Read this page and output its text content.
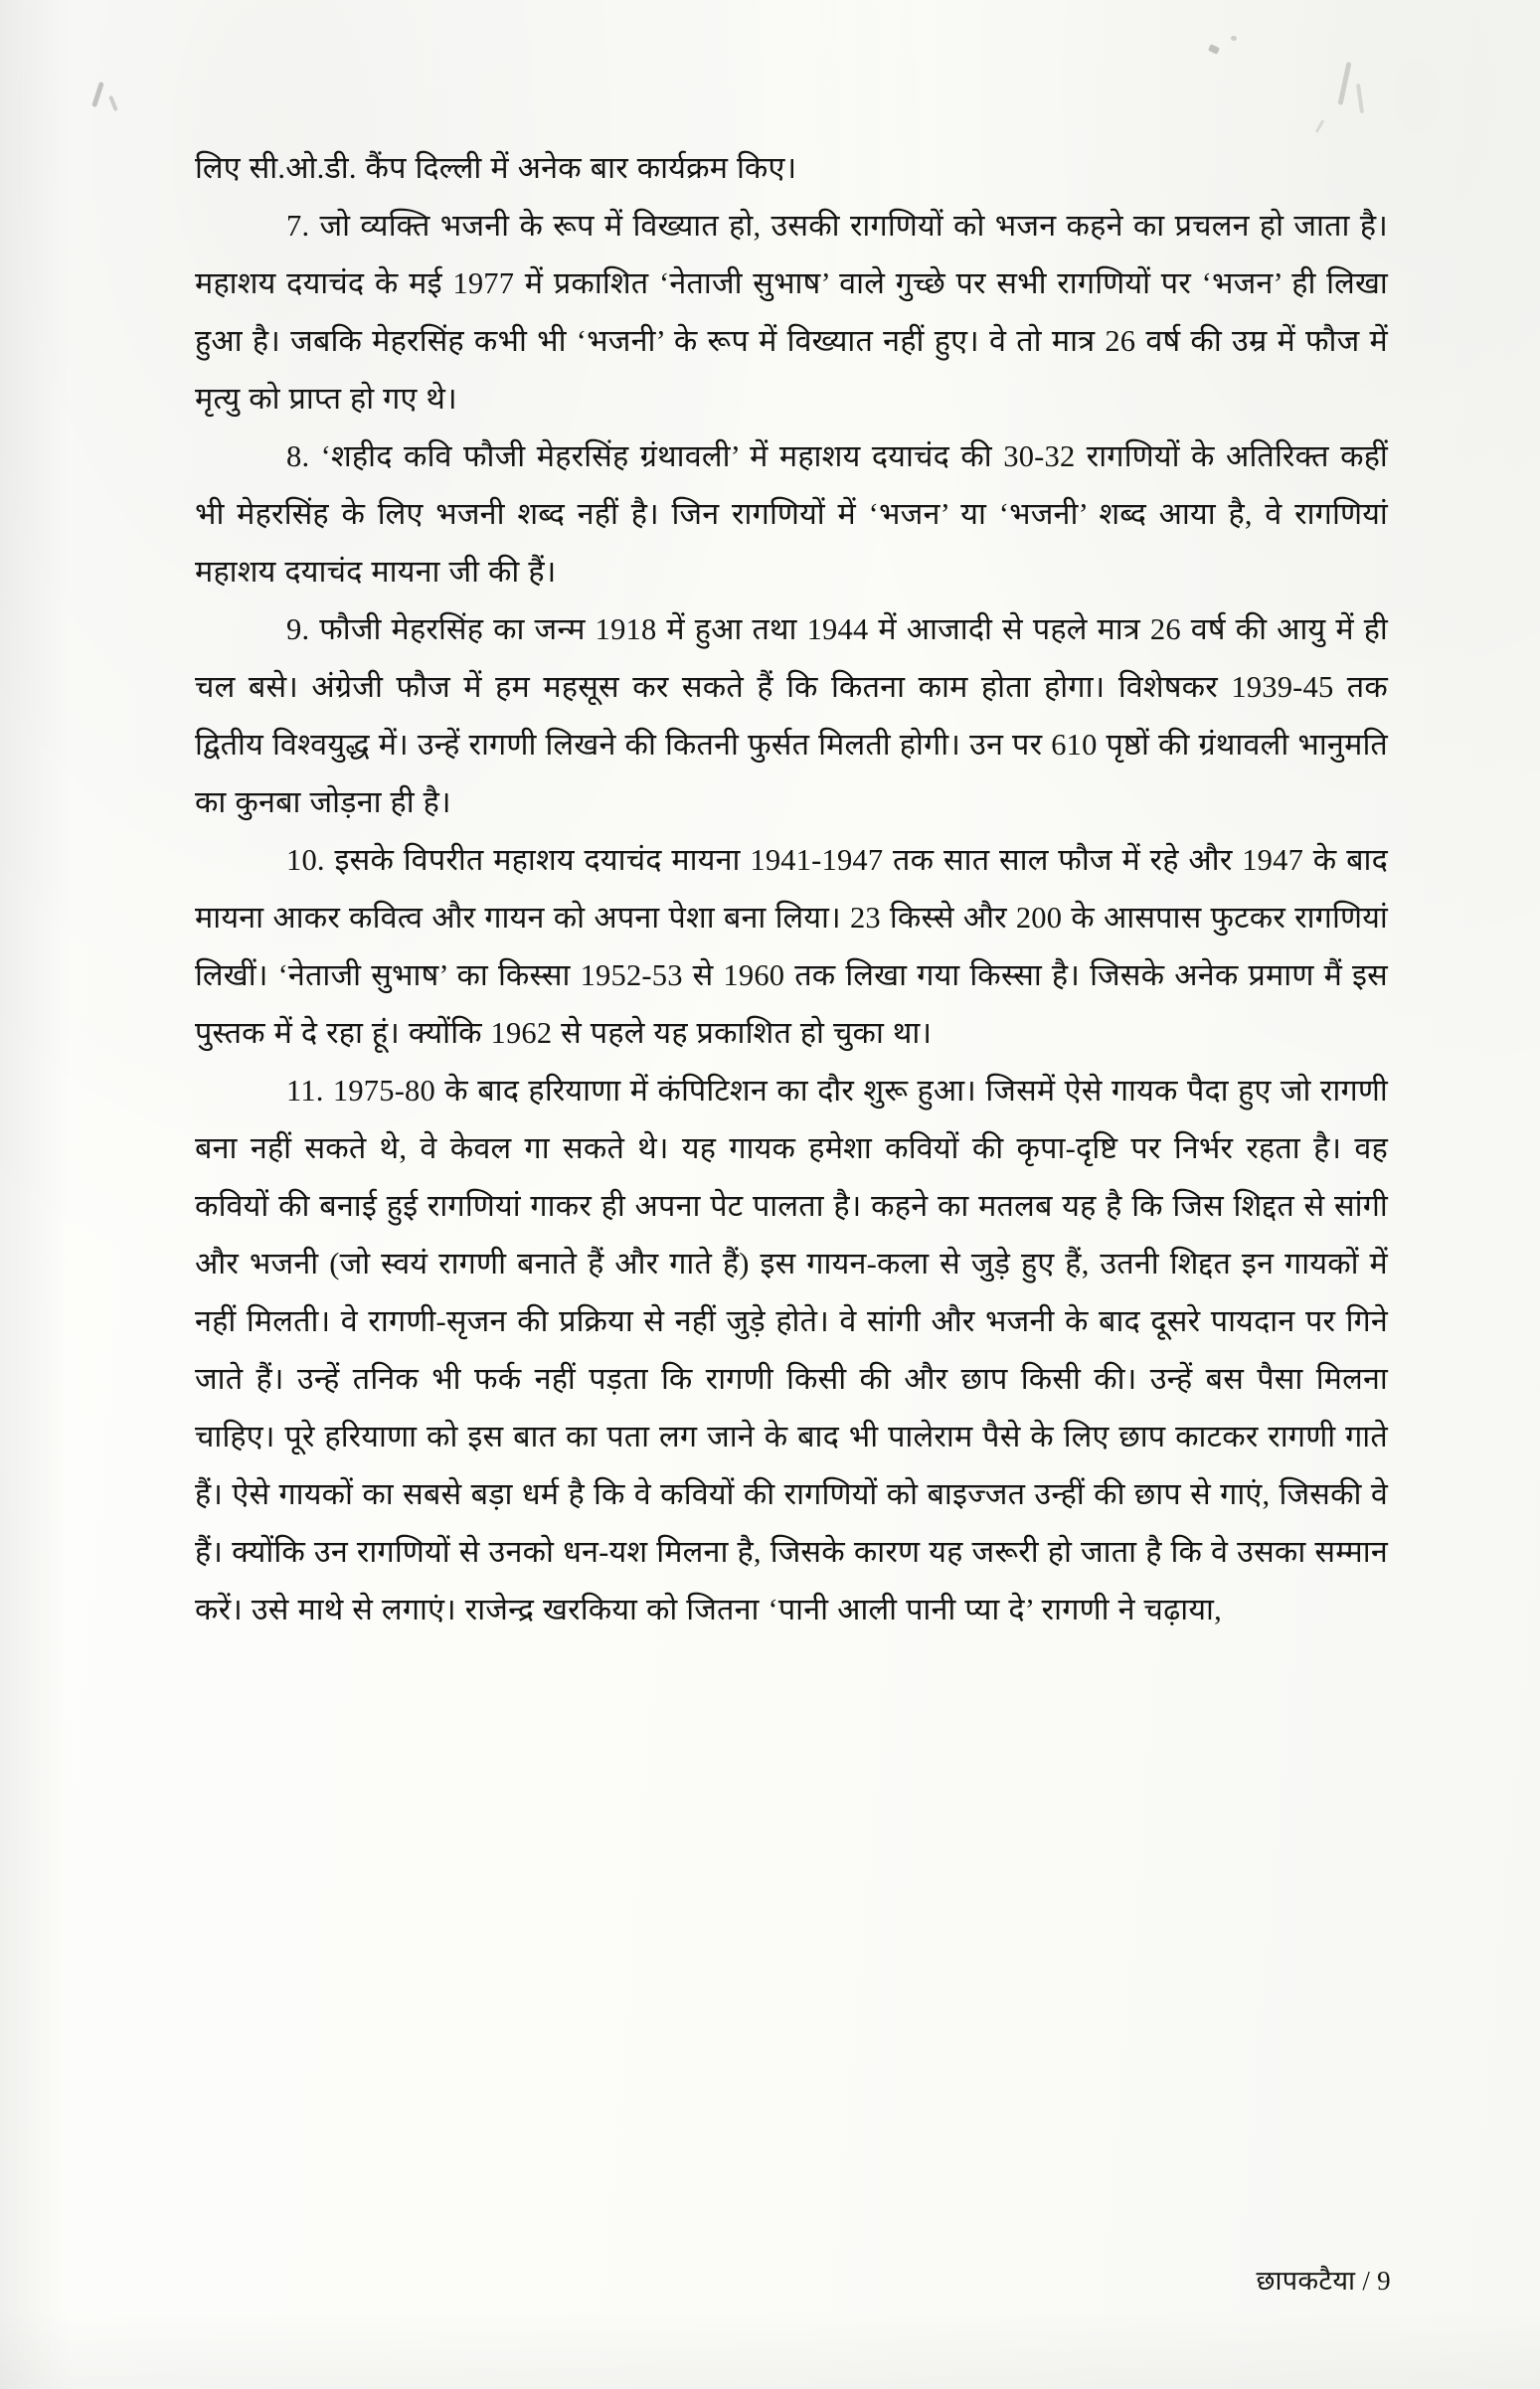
लिए सी.ओ.डी. कैंप दिल्ली में अनेक बार कार्यक्रम किए।

7. जो व्यक्ति भजनी के रूप में विख्यात हो, उसकी रागणियों को भजन कहने का प्रचलन हो जाता है। महाशय दयाचंद के मई 1977 में प्रकाशित ‘नेताजी सुभाष’ वाले गुच्छे पर सभी रागणियों पर ‘भजन’ ही लिखा हुआ है। जबकि मेहरसिंह कभी भी ‘भजनी’ के रूप में विख्यात नहीं हुए। वे तो मात्र 26 वर्ष की उम्र में फौज में मृत्यु को प्राप्त हो गए थे।

8. ‘शहीद कवि फौजी मेहरसिंह ग्रंथावली’ में महाशय दयाचंद की 30-32 रागणियों के अतिरिक्त कहीं भी मेहरसिंह के लिए भजनी शब्द नहीं है। जिन रागणियों में ‘भजन’ या ‘भजनी’ शब्द आया है, वे रागणियां महाशय दयाचंद मायना जी की हैं।

9. फौजी मेहरसिंह का जन्म 1918 में हुआ तथा 1944 में आजादी से पहले मात्र 26 वर्ष की आयु में ही चल बसे। अंग्रेजी फौज में हम महसूस कर सकते हैं कि कितना काम होता होगा। विशेषकर 1939-45 तक द्वितीय विश्वयुद्ध में। उन्हें रागणी लिखने की कितनी फुर्सत मिलती होगी। उन पर 610 पृष्ठों की ग्रंथावली भानुमति का कुनबा जोड़ना ही है।

10. इसके विपरीत महाशय दयाचंद मायना 1941-1947 तक सात साल फौज में रहे और 1947 के बाद मायना आकर कवित्व और गायन को अपना पेशा बना लिया। 23 किस्से और 200 के आसपास फुटकर रागणियां लिखीं। ‘नेताजी सुभाष’ का किस्सा 1952-53 से 1960 तक लिखा गया किस्सा है। जिसके अनेक प्रमाण मैं इस पुस्तक में दे रहा हूं। क्योंकि 1962 से पहले यह प्रकाशित हो चुका था।

11. 1975-80 के बाद हरियाणा में कंपिटिशन का दौर शुरू हुआ। जिसमें ऐसे गायक पैदा हुए जो रागणी बना नहीं सकते थे, वे केवल गा सकते थे। यह गायक हमेशा कवियों की कृपा-दृष्टि पर निर्भर रहता है। वह कवियों की बनाई हुई रागणियां गाकर ही अपना पेट पालता है। कहने का मतलब यह है कि जिस शिद्दत से सांगी और भजनी (जो स्वयं रागणी बनाते हैं और गाते हैं) इस गायन-कला से जुड़े हुए हैं, उतनी शिद्दत इन गायकों में नहीं मिलती। वे रागणी-सृजन की प्रक्रिया से नहीं जुड़े होते। वे सांगी और भजनी के बाद दूसरे पायदान पर गिने जाते हैं। उन्हें तनिक भी फर्क नहीं पड़ता कि रागणी किसी की और छाप किसी की। उन्हें बस पैसा मिलना चाहिए। पूरे हरियाणा को इस बात का पता लग जाने के बाद भी पालेराम पैसे के लिए छाप काटकर रागणी गाते हैं। ऐसे गायकों का सबसे बड़ा धर्म है कि वे कवियों की रागणियों को बाइज्जत उन्हीं की छाप से गाएं, जिसकी वे हैं। क्योंकि उन रागणियों से उनको धन-यश मिलना है, जिसके कारण यह जरूरी हो जाता है कि वे उसका सम्मान करें। उसे माथे से लगाएं। राजेन्द्र खरकिया को जितना ‘पानी आली पानी प्या दे’ रागणी ने चढ़ाया,

छापकटैया / 9
